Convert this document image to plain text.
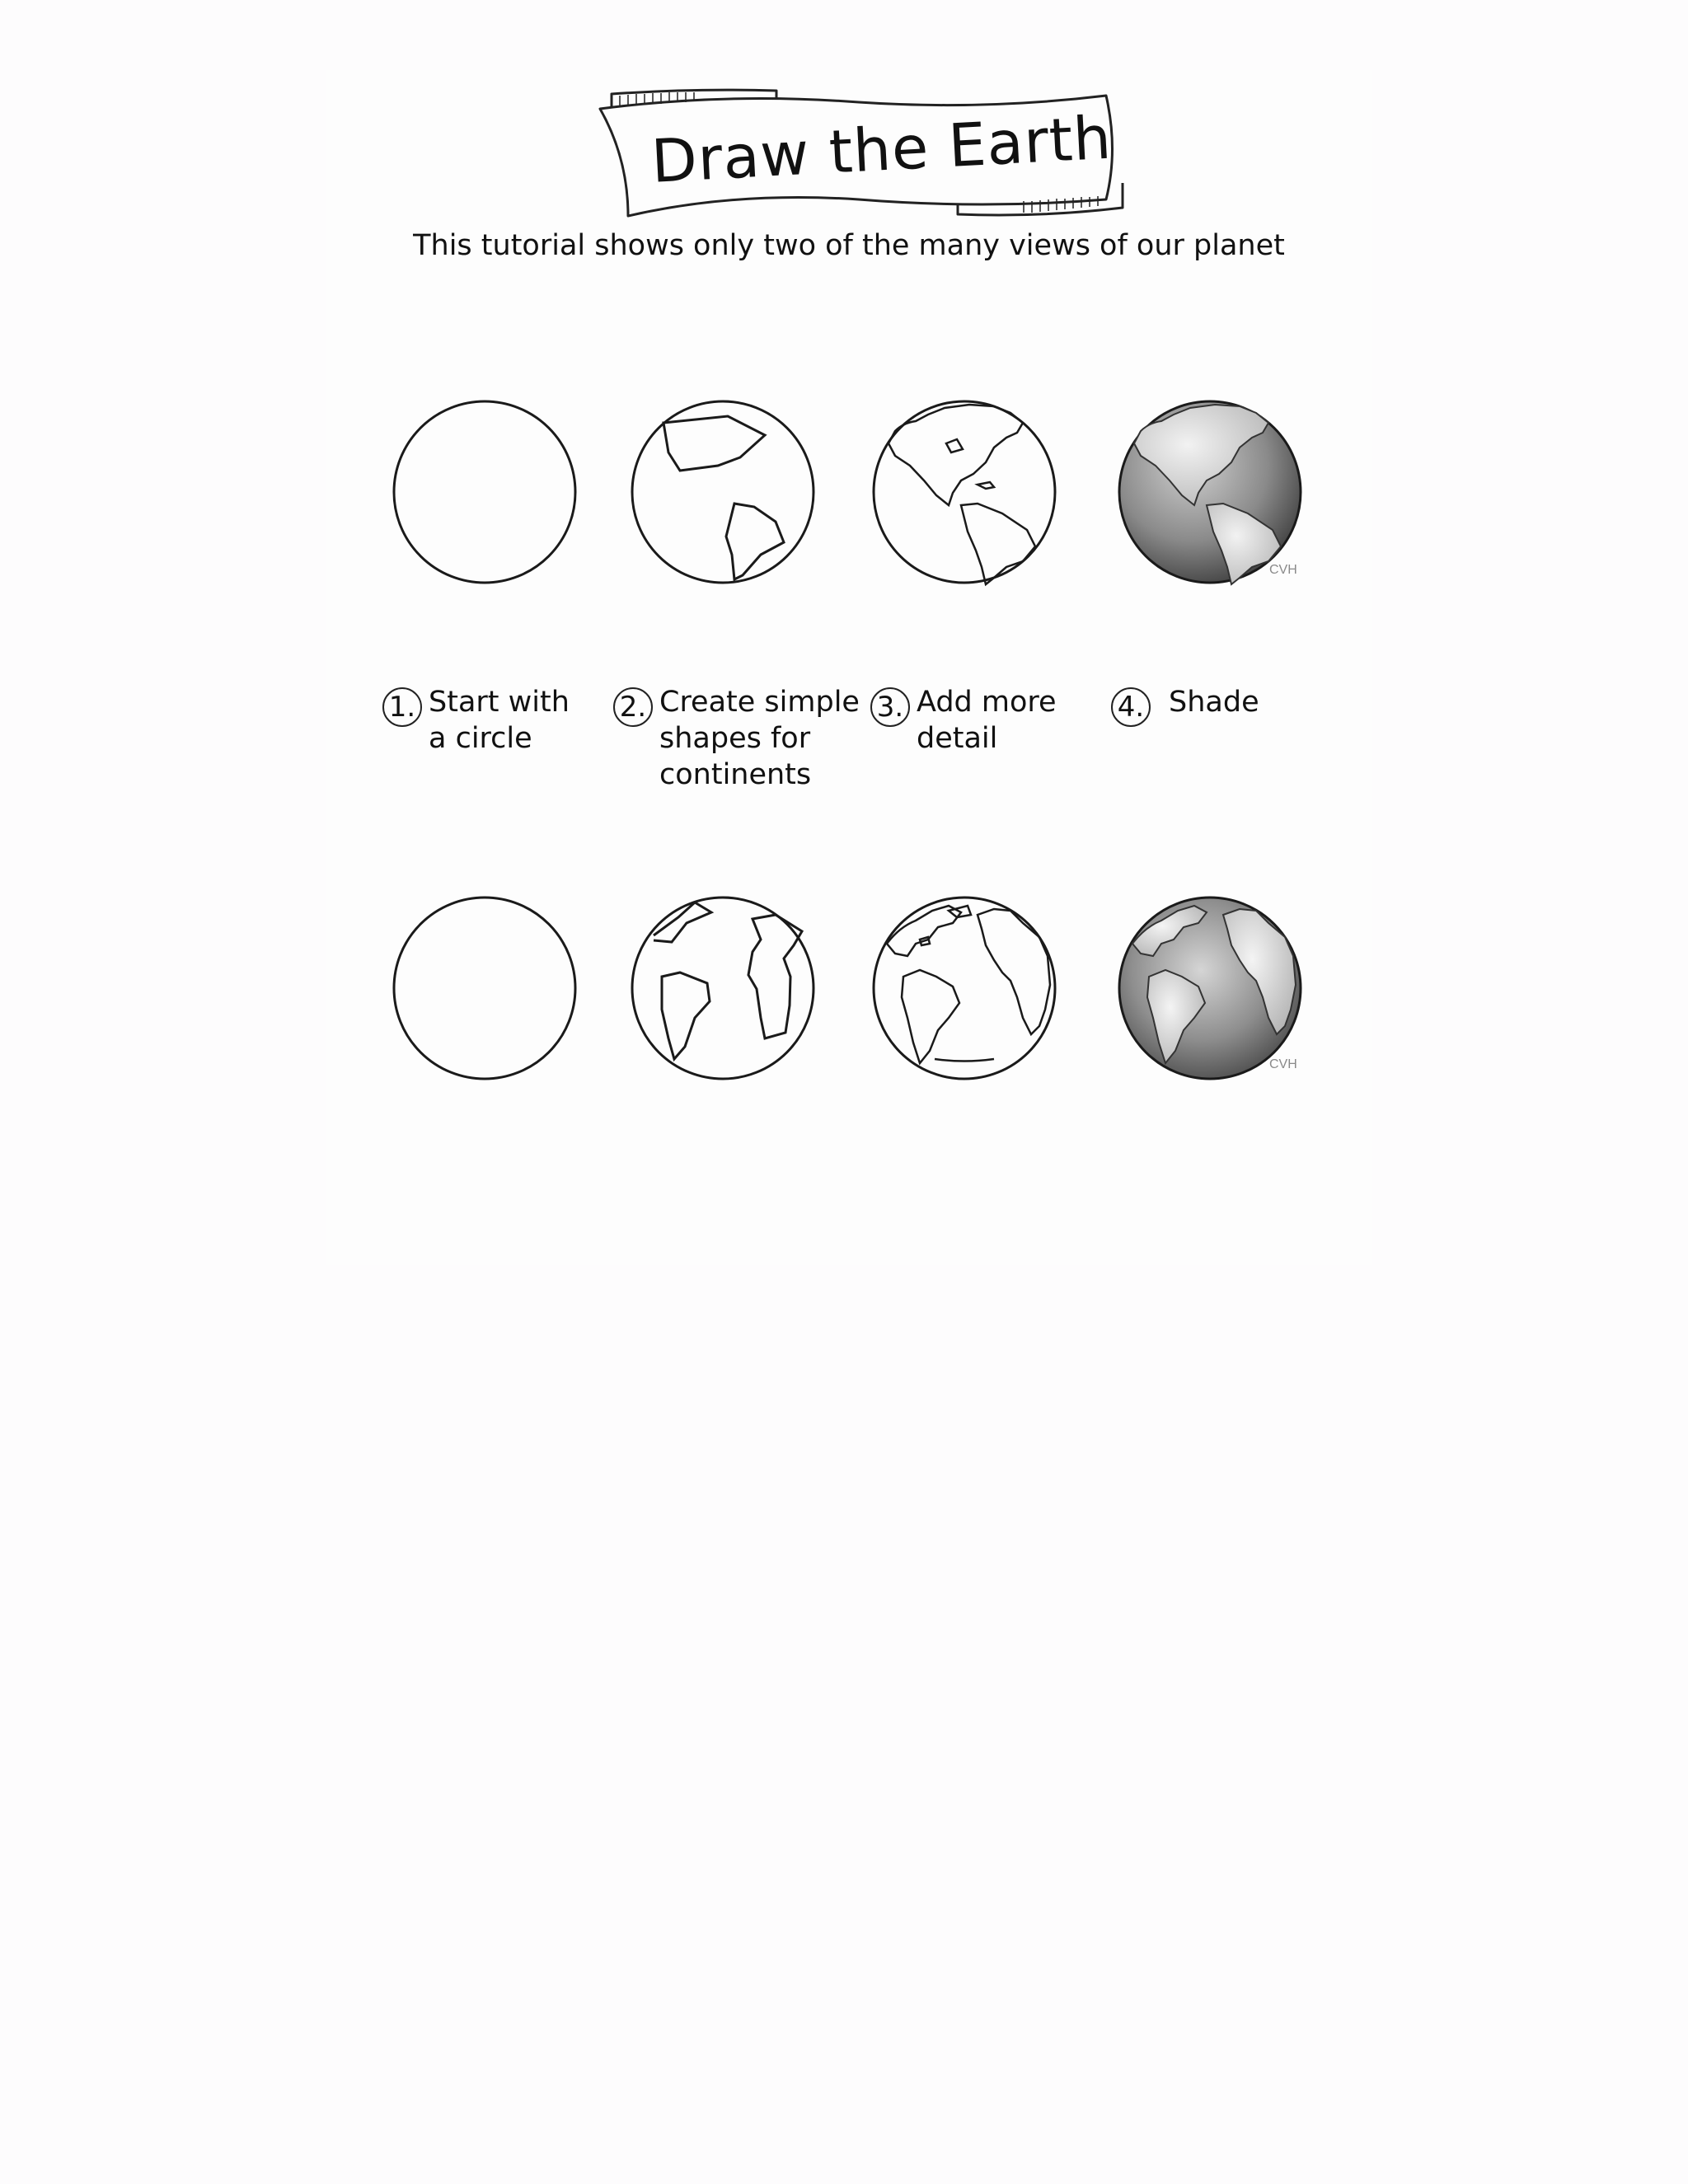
Draw the Earth
This tutorial shows only two of the many views of our planet
CVH
1. Start with
a circle
2. Create simple
shapes for
continents
3. Add more
detail
4. Shade
CVH
